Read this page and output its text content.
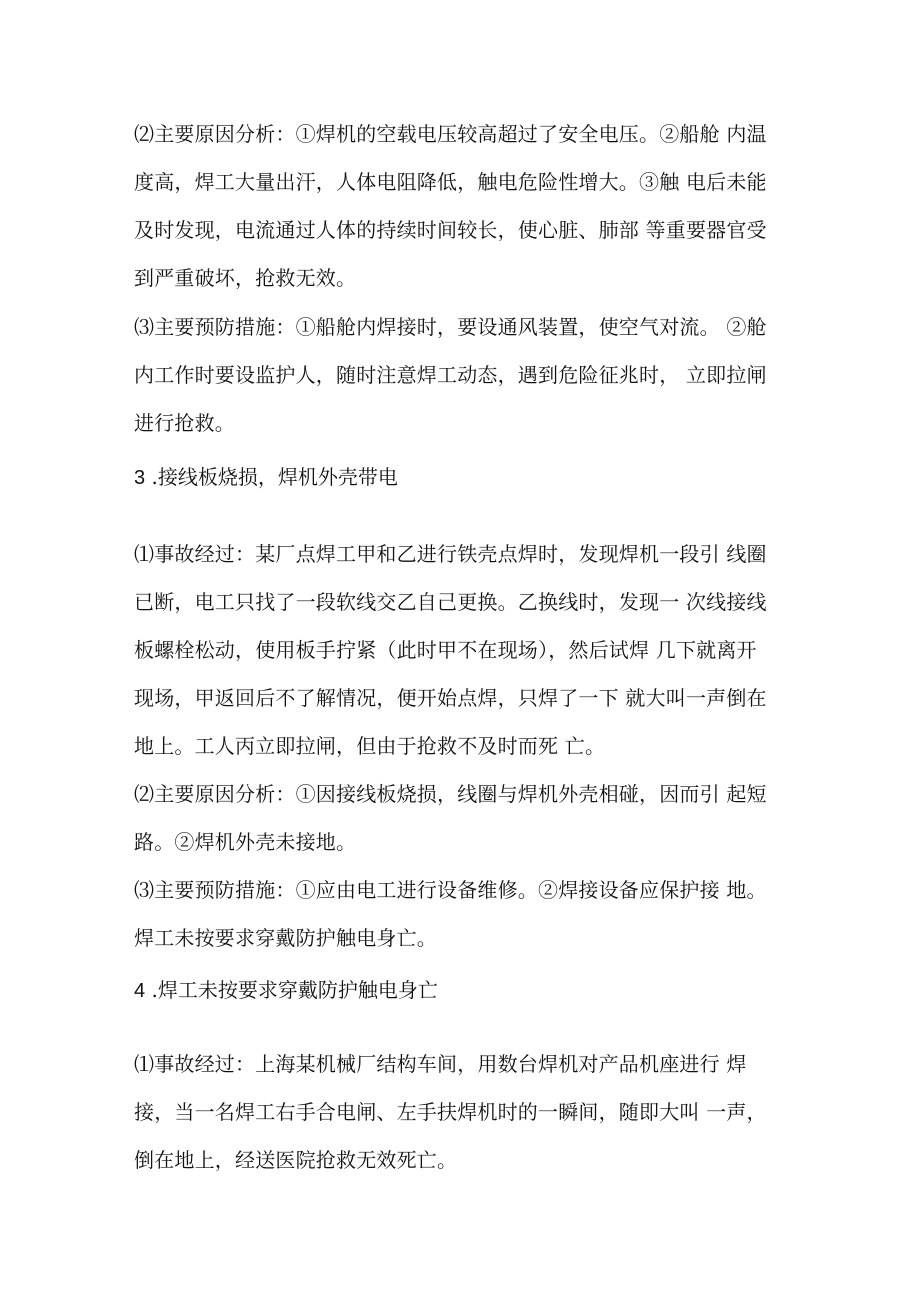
⑵主要原因分析：①焊机的空载电压较高超过了安全电压。②船舱 内温
度高，焊工大量出汗，人体电阻降低，触电危险性增大。③触 电后未能
及时发现，电流通过人体的持续时间较长，使心脏、肺部 等重要器官受
到严重破坏，抢救无效。

⑶主要预防措施：①船舱内焊接时，要设通风装置，使空气对流。 ②舱
内工作时要设监护人，随时注意焊工动态，遇到危险征兆时， 立即拉闸
进行抢救。

3 .接线板烧损，焊机外壳带电

⑴事故经过：某厂点焊工甲和乙进行铁壳点焊时，发现焊机一段引 线圈
已断，电工只找了一段软线交乙自己更换。乙换线时，发现一 次线接线
板螺栓松动，使用板手拧紧（此时甲不在现场），然后试焊 几下就离开
现场，甲返回后不了解情况，便开始点焊，只焊了一下 就大叫一声倒在
地上。工人丙立即拉闸，但由于抢救不及时而死 亡。

⑵主要原因分析：①因接线板烧损，线圈与焊机外壳相碰，因而引 起短
路。②焊机外壳未接地。

⑶主要预防措施：①应由电工进行设备维修。②焊接设备应保护接 地。
焊工未按要求穿戴防护触电身亡。

4 .焊工未按要求穿戴防护触电身亡

⑴事故经过：上海某机械厂结构车间，用数台焊机对产品机座进行 焊
接，当一名焊工右手合电闸、左手扶焊机时的一瞬间，随即大叫 一声，
倒在地上，经送医院抢救无效死亡。
